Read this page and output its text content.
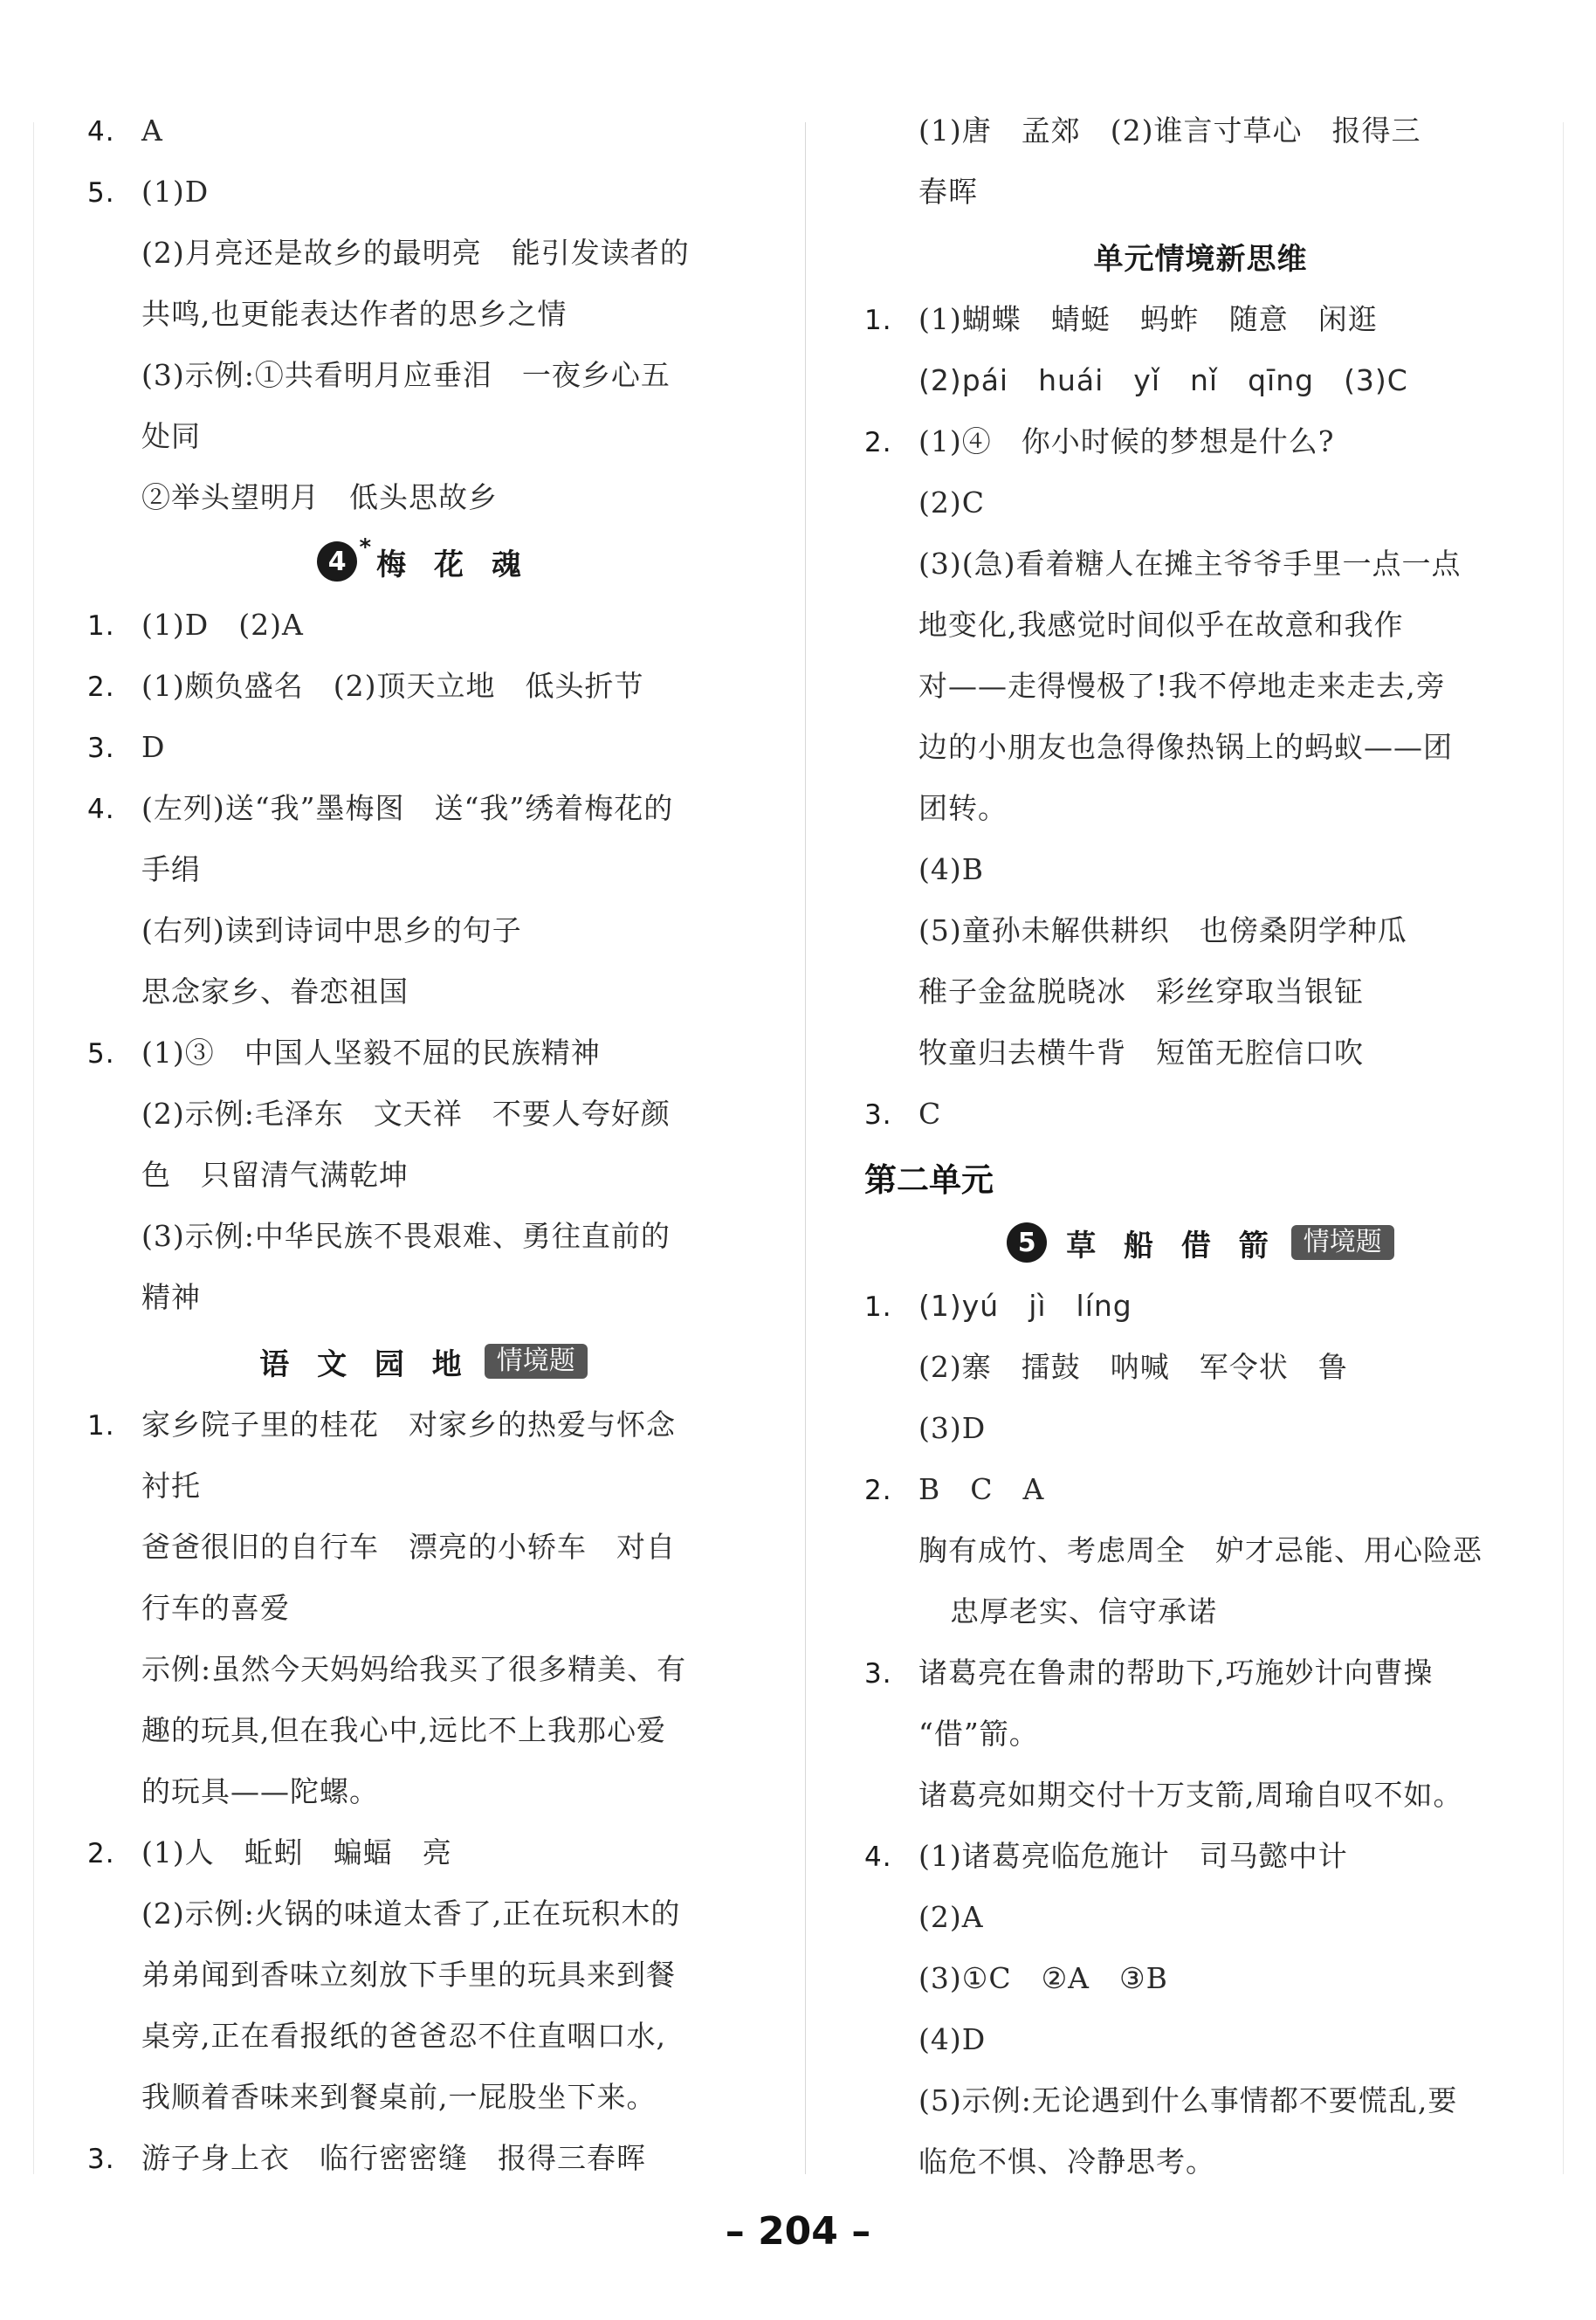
4. A
5. (1)D
(2)月亮还是故乡的最明亮　能引发读者的
共鸣,也更能表达作者的思乡之情
(3)示例:①共看明月应垂泪　一夜乡心五
处同
②举头望明月　低头思故乡
4 * 梅 花 魂
1. (1)D　(2)A
2. (1)颇负盛名　(2)顶天立地　低头折节
3. D
4. (左列)送“我”墨梅图　送“我”绣着梅花的
手绢
(右列)读到诗词中思乡的句子
思念家乡、眷恋祖国
5. (1)③　中国人坚毅不屈的民族精神
(2)示例:毛泽东　文天祥　不要人夸好颜
色　只留清气满乾坤
(3)示例:中华民族不畏艰难、勇往直前的
精神
语 文 园 地	情境题
1. 家乡院子里的桂花　对家乡的热爱与怀念
衬托
爸爸很旧的自行车　漂亮的小轿车　对自
行车的喜爱
示例:虽然今天妈妈给我买了很多精美、有
趣的玩具,但在我心中,远比不上我那心爱
的玩具——陀螺。
2. (1)人　蚯蚓　蝙蝠　亮
(2)示例:火锅的味道太香了,正在玩积木的
弟弟闻到香味立刻放下手里的玩具来到餐
桌旁,正在看报纸的爸爸忍不住直咽口水,
我顺着香味来到餐桌前,一屁股坐下来。
3. 游子身上衣　临行密密缝　报得三春晖
(1)唐　孟郊　(2)谁言寸草心　报得三
春晖
单元情境新思维
1. (1)蝴蝶　蜻蜓　蚂蚱　随意　闲逛
(2)pái　huái　yǐ　nǐ　qīng　(3)C
2. (1)④　你小时候的梦想是什么?
(2)C
(3)(急)看着糖人在摊主爷爷手里一点一点
地变化,我感觉时间似乎在故意和我作
对——走得慢极了!我不停地走来走去,旁
边的小朋友也急得像热锅上的蚂蚁——团
团转。
(4)B
(5)童孙未解供耕织　也傍桑阴学种瓜
稚子金盆脱晓冰　彩丝穿取当银钲
牧童归去横牛背　短笛无腔信口吹
3. C
第二单元
5	草 船 借 箭	情境题
1. (1)yú　jì　líng
(2)寨　擂鼓　呐喊　军令状　鲁
(3)D
2. B　C　A
胸有成竹、考虑周全　妒才忌能、用心险恶
忠厚老实、信守承诺
3. 诸葛亮在鲁肃的帮助下,巧施妙计向曹操
“借”箭。
诸葛亮如期交付十万支箭,周瑜自叹不如。
4. (1)诸葛亮临危施计　司马懿中计
(2)A
(3)①C　②A　③B
(4)D
(5)示例:无论遇到什么事情都不要慌乱,要
临危不惧、冷静思考。
– 204 –
